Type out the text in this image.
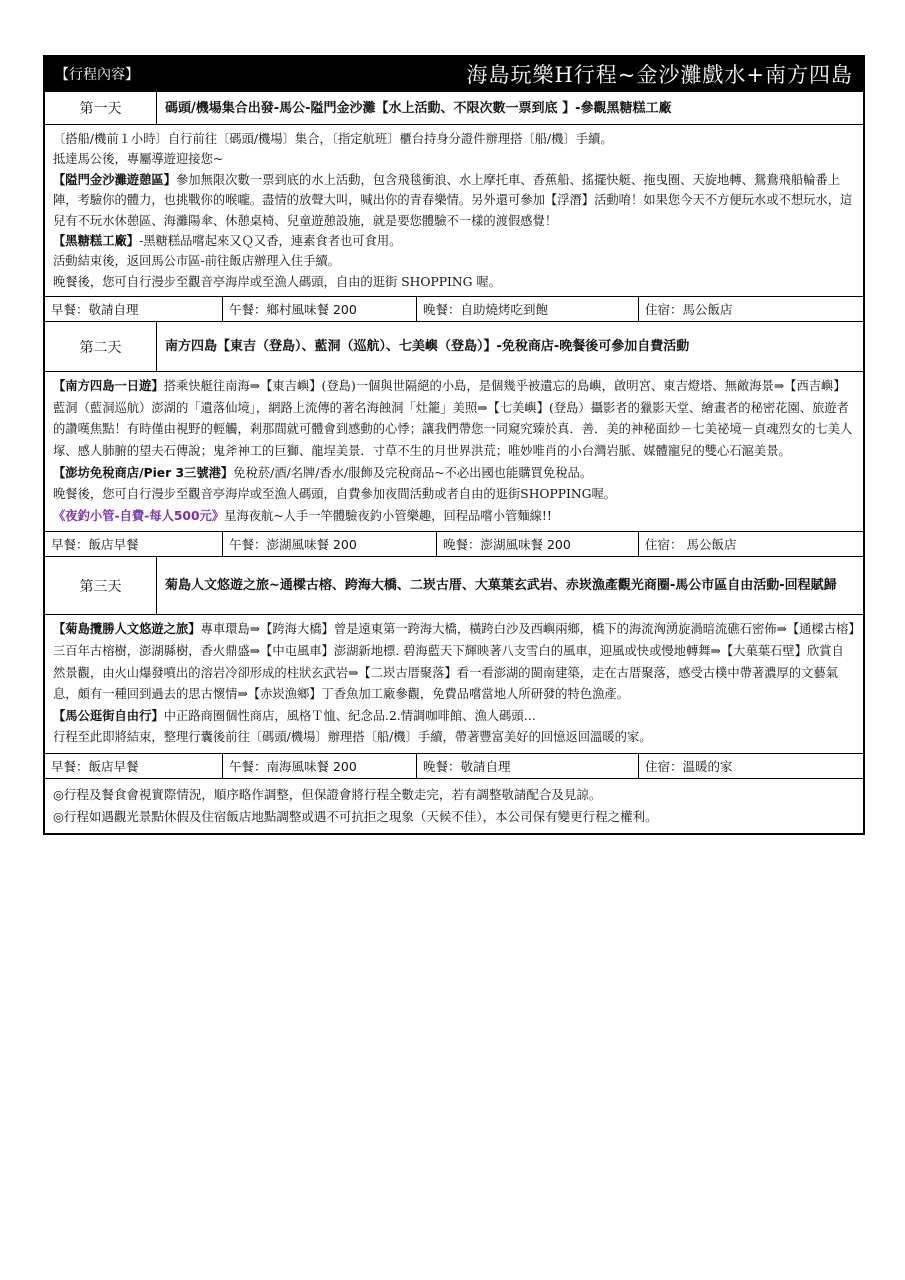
【行程內容】	海島玩樂H行程~金沙灘戲水+南方四島
第一天	碼頭/機場集合出發-馬公-隘門金沙灘【水上活動、不限次數一票到底 】-參觀黑糖糕工廠

〔搭船/機前１小時〕自行前往〔碼頭/機場〕集合，〔指定航班〕櫃台持身分證件辦理搭〔船/機〕手續。

抵達馬公後，專屬導遊迎接您~

【隘門金沙灘遊憩區】參加無限次數一票到底的水上活動，包含飛毯衝浪、水上摩托車、香蕉船、搖擺快艇、拖曳圈、天旋地轉、鴛鴦飛船輪番上陣，考驗你的體力，也挑戰你的喉嚨。盡情的放聲大叫，喊出你的青春樂情。另外還可參加【浮潛】活動唷！如果您今天不方便玩水或不想玩水，這兒有不玩水休憩區、海灘陽傘、休憩桌椅、兒童遊憩設施，就是要您體驗不一樣的渡假感覺！

【黑糖糕工廠】-黑糖糕品嚐起來又Ｑ又香，連素食者也可食用。

活動結束後，返回馬公市區-前往飯店辦理入住手續。

晚餐後，您可自行漫步至觀音亭海岸或至漁人碼頭，自由的逛街 SHOPPING 喔。

早餐：敬請自理	午餐：鄉村風味餐 200	晚餐：自助燒烤吃到飽	住宿：馬公飯店
第二天	南方四島【東吉（登島）、藍洞（巡航）、七美嶼（登島）】-免稅商店-晚餐後可參加自費活動

【南方四島一日遊】搭乘快艇往南海⇒【東吉嶼】(登島)一個與世隔絕的小島，是個幾乎被遺忘的島嶼，啟明宮、東吉燈塔、無敵海景⇒【西吉嶼】藍洞（藍洞巡航）澎湖的「遺落仙境」，網路上流傳的著名海蝕洞「灶籠」美照⇒【七美嶼】(登島）攝影者的獵影天堂、繪畫者的秘密花園、旅遊者的讚嘆焦點！有時僅由視野的輕觸，剎那間就可體會到感動的心悸；讓我們帶您一同窺究臻於真．善．美的神秘面紗－七美祕境－貞魂烈女的七美人塚、感人肺腑的望夫石傳說；鬼斧神工的巨獅、龍埕美景．寸草不生的月世界洪荒；唯妙唯肖的小台灣岩脈、媒體寵兒的雙心石滬美景。

【澎坊免稅商店/Pier 3三號港】免稅菸/酒/名牌/香水/服飾及完稅商品~不必出國也能購買免稅品。

晚餐後，您可自行漫步至觀音亭海岸或至漁人碼頭，自費參加夜間活動或者自由的逛街SHOPPING喔。

《夜釣小管-自費-每人500元》星海夜航~人手一竿體驗夜釣小管樂趣，回程品嚐小管麵線!!

早餐：飯店早餐	午餐：澎湖風味餐 200	晚餐：澎湖風味餐 200	住宿： 馬公飯店
第三天	菊島人文悠遊之旅~通樑古榕、跨海大橋、二崁古厝、大菓葉玄武岩、赤崁漁產觀光商圈-馬公市區自由活動-回程賦歸

【菊島攬勝人文悠遊之旅】專車環島⇒【跨海大橋】曾是遠東第一跨海大橋，橫跨白沙及西嶼兩鄉，橋下的海流洶湧旋渦暗流礁石密佈⇒【通樑古榕】三百年古榕樹，澎湖縣樹，香火鼎盛⇒【中屯風車】澎湖新地標. 碧海藍天下輝映著八支雪白的風車，迎風或快或慢地轉舞⇒【大菓葉石壁】欣賞自然景觀，由火山爆發噴出的溶岩冷卻形成的柱狀玄武岩⇒【二崁古厝聚落】看一看澎湖的閩南建築，走在古厝聚落，感受古樸中帶著濃厚的文藝氣息，頗有一種回到過去的思古懷情⇒【赤崁漁鄉】丁香魚加工廠參觀，免費品嚐當地人所研發的特色漁產。

【馬公逛街自由行】中正路商圈個性商店，風格Ｔ恤、紀念品.2.情調咖啡館、漁人碼頭…

行程至此即將結束，整理行囊後前往〔碼頭/機場〕辦理搭〔船/機〕手續，帶著豐富美好的回憶返回溫暖的家。

早餐：飯店早餐	午餐：南海風味餐 200	晚餐：敬請自理	住宿：溫暖的家

◎行程及餐食會視實際情況，順序略作調整，但保證會將行程全數走完，若有調整敬請配合及見諒。

◎行程如遇觀光景點休假及住宿飯店地點調整或遇不可抗拒之現象（天候不佳），本公司保有變更行程之權利。
